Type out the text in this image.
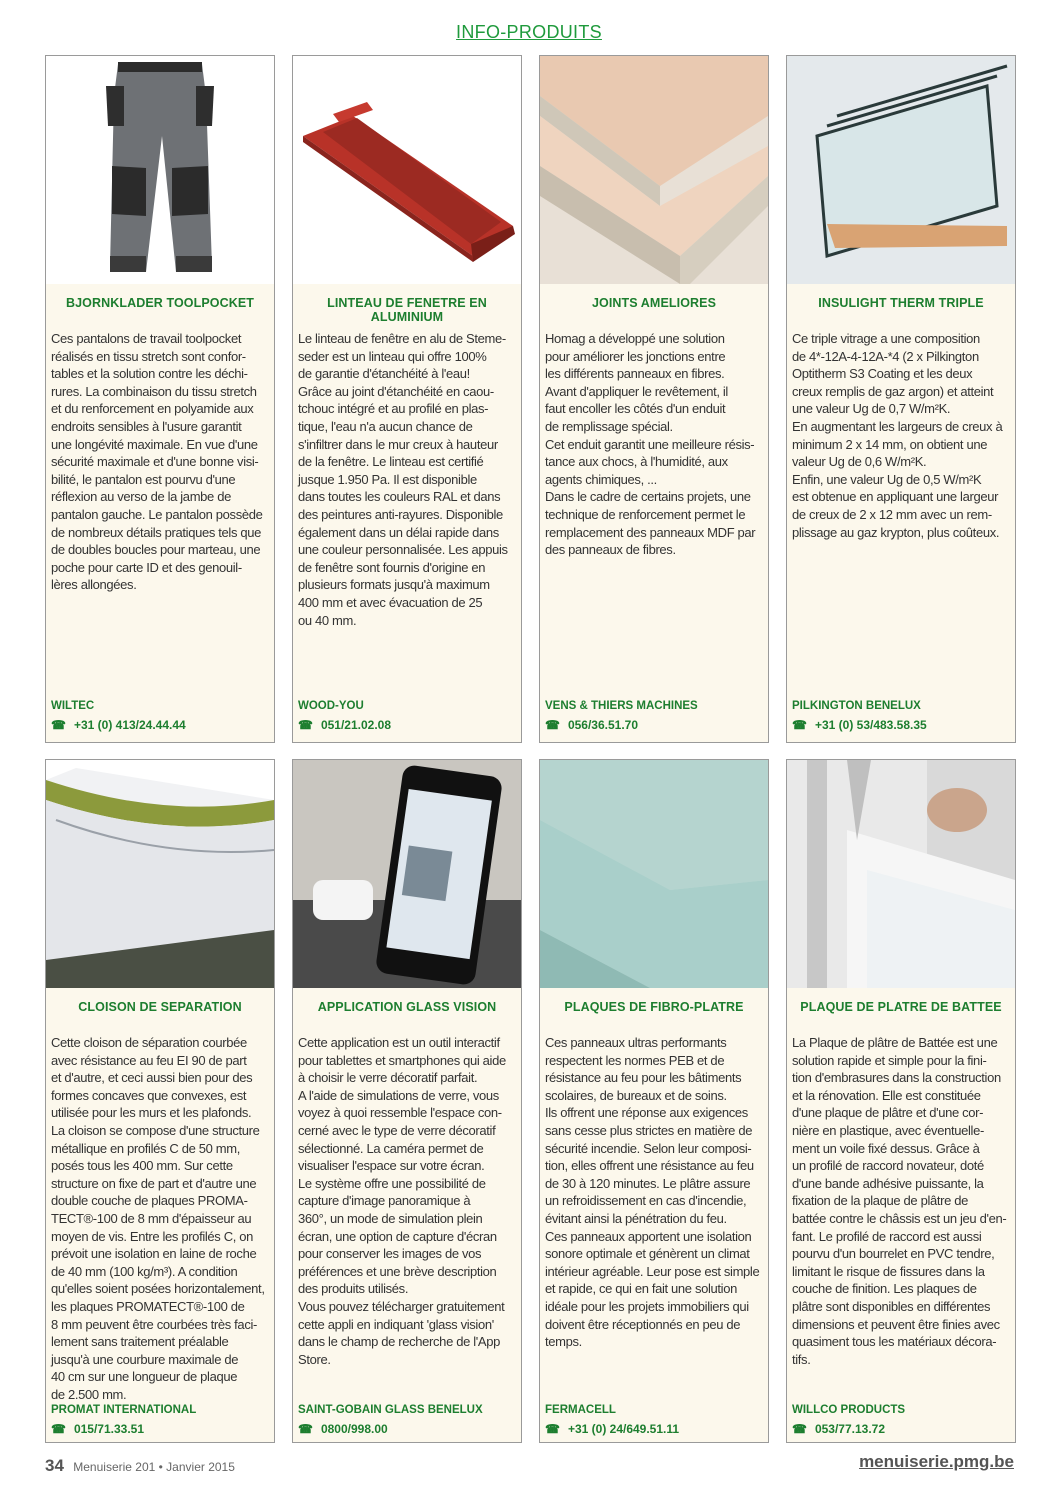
INFO-PRODUITS
BJORNKLADER TOOLPOCKET
Ces pantalons de travail toolpocket
réalisés en tissu stretch sont confor-
tables et la solution contre les déchi-
rures. La combinaison du tissu stretch
et du renforcement en polyamide aux
endroits sensibles à l'usure garantit
une longévité maximale. En vue d'une
sécurité maximale et d'une bonne visi-
bilité, le pantalon est pourvu d'une
réflexion au verso de la jambe de
pantalon gauche. Le pantalon possède
de nombreux détails pratiques tels que
de doubles boucles pour marteau, une
poche pour carte ID et des genouil-
lères allongées.
WILTEC
☎ +31 (0) 413/24.44.44
LINTEAU DE FENETRE EN ALUMINIUM
Le linteau de fenêtre en alu de Steme-
seder est un linteau qui offre 100%
de garantie d'étanchéité à l'eau!
Grâce au joint d'étanchéité en caou-
tchouc intégré et au profilé en plas-
tique, l'eau n'a aucun chance de
s'infiltrer dans le mur creux à hauteur
de la fenêtre. Le linteau est certifié
jusque 1.950 Pa. Il est disponible
dans toutes les couleurs RAL et dans
des peintures anti-rayures. Disponible
également dans un délai rapide dans
une couleur personnalisée. Les appuis
de fenêtre sont fournis d'origine en
plusieurs formats jusqu'à maximum
400 mm et avec évacuation de 25
ou 40 mm.
WOOD-YOU
☎ 051/21.02.08
JOINTS AMELIORES
Homag a développé une solution
pour améliorer les jonctions entre
les différents panneaux en fibres.
Avant d'appliquer le revêtement, il
faut encoller les côtés d'un enduit
de remplissage spécial.
Cet enduit garantit une meilleure résis-
tance aux chocs, à l'humidité, aux
agents chimiques, ...
Dans le cadre de certains projets, une
technique de renforcement permet le
remplacement des panneaux MDF par
des panneaux de fibres.
VENS & THIERS MACHINES
☎ 056/36.51.70
INSULIGHT THERM TRIPLE
Ce triple vitrage a une composition
de 4*-12A-4-12A-*4 (2 x Pilkington
Optitherm S3 Coating et les deux
creux remplis de gaz argon) et atteint
une valeur Ug de 0,7 W/m²K.
En augmentant les largeurs de creux à
minimum 2 x 14 mm, on obtient une
valeur Ug de 0,6 W/m²K.
Enfin, une valeur Ug de 0,5 W/m²K
est obtenue en appliquant une largeur
de creux de 2 x 12 mm avec un rem-
plissage au gaz krypton, plus coûteux.
PILKINGTON BENELUX
☎ +31 (0) 53/483.58.35
CLOISON DE SEPARATION
Cette cloison de séparation courbée
avec résistance au feu EI 90 de part
et d'autre, et ceci aussi bien pour des
formes concaves que convexes, est
utilisée pour les murs et les plafonds.
La cloison se compose d'une structure
métallique en profilés C de 50 mm,
posés tous les 400 mm. Sur cette
structure on fixe de part et d'autre une
double couche de plaques PROMA-
TECT®-100 de 8 mm d'épaisseur au
moyen de vis. Entre les profilés C, on
prévoit une isolation en laine de roche
de 40 mm (100 kg/m³). A condition
qu'elles soient posées horizontalement,
les plaques PROMATECT®-100 de
8 mm peuvent être courbées très faci-
lement sans traitement préalable
jusqu'à une courbure maximale de
40 cm sur une longueur de plaque
de 2.500 mm.
PROMAT INTERNATIONAL
☎ 015/71.33.51
APPLICATION GLASS VISION
Cette application est un outil interactif
pour tablettes et smartphones qui aide
à choisir le verre décoratif parfait.
A l'aide de simulations de verre, vous
voyez à quoi ressemble l'espace con-
cerné avec le type de verre décoratif
sélectionné. La caméra permet de
visualiser l'espace sur votre écran.
Le système offre une possibilité de
capture d'image panoramique à
360°, un mode de simulation plein
écran, une option de capture d'écran
pour conserver les images de vos
préférences et une brève description
des produits utilisés.
Vous pouvez télécharger gratuitement
cette appli en indiquant 'glass vision'
dans le champ de recherche de l'App
Store.
SAINT-GOBAIN GLASS BENELUX
☎ 0800/998.00
PLAQUES DE FIBRO-PLATRE
Ces panneaux ultras performants
respectent les normes PEB et de
résistance au feu pour les bâtiments
scolaires, de bureaux et de soins.
Ils offrent une réponse aux exigences
sans cesse plus strictes en matière de
sécurité incendie. Selon leur composi-
tion, elles offrent une résistance au feu
de 30 à 120 minutes. Le plâtre assure
un refroidissement en cas d'incendie,
évitant ainsi la pénétration du feu.
Ces panneaux apportent une isolation
sonore optimale et génèrent un climat
intérieur agréable. Leur pose est simple
et rapide, ce qui en fait une solution
idéale pour les projets immobiliers qui
doivent être réceptionnés en peu de
temps.
FERMACELL
☎ +31 (0) 24/649.51.11
PLAQUE DE PLATRE DE BATTEE
La Plaque de plâtre de Battée est une
solution rapide et simple pour la fini-
tion d'embrasures dans la construction
et la rénovation. Elle est constituée
d'une plaque de plâtre et d'une cor-
nière en plastique, avec éventuelle-
ment un voile fixé dessus. Grâce à
un profilé de raccord novateur, doté
d'une bande adhésive puissante, la
fixation de la plaque de plâtre de
battée contre le châssis est un jeu d'en-
fant. Le profilé de raccord est aussi
pourvu d'un bourrelet en PVC tendre,
limitant le risque de fissures dans la
couche de finition. Les plaques de
plâtre sont disponibles en différentes
dimensions et peuvent être finies avec
quasiment tous les matériaux décora-
tifs.
WILLCO PRODUCTS
☎ 053/77.13.72
34 Menuiserie 201 • Janvier 2015	menuiserie.pmg.be
